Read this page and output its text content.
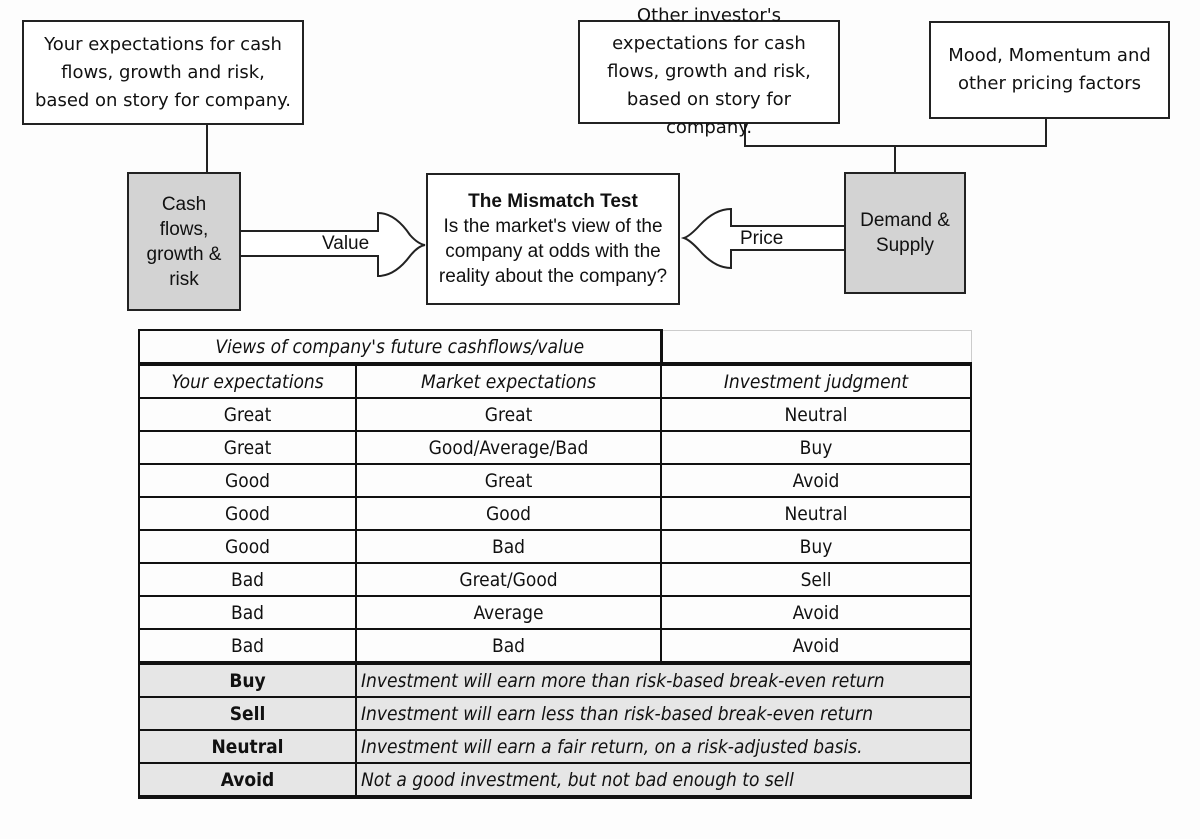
Your expectations for cash flows, growth and risk, based on story for company.
Cash flows, growth & risk
Value
The Mismatch Test
Is the market's view of the company at odds with the reality about the company?
Price
Demand & Supply
Other investor's expectations for cash flows, growth and risk, based on story for company.
Mood, Momentum and other pricing factors
Views of company's future cashflows/value		
Your expectations	Market expectations	Investment judgment
Great	Great	Neutral
Great	Good/Average/Bad	Buy
Good	Great	Avoid
Good	Good	Neutral
Good	Bad	Buy
Bad	Great/Good	Sell
Bad	Average	Avoid
Bad	Bad	Avoid
Buy	Investment will earn more than risk-based break-even return	
Sell	Investment will earn less than risk-based break-even return	
Neutral	Investment will earn a fair return, on a risk-adjusted basis.	
Avoid	Not a good investment, but not bad enough to sell	
